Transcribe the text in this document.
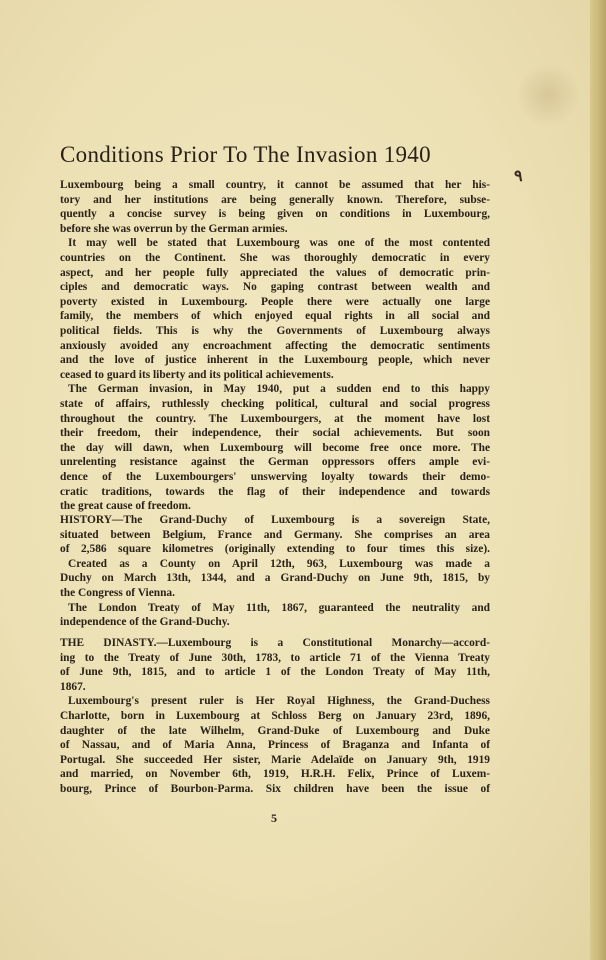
Conditions Prior To The Invasion 1940
٩
Luxembourg being a small country, it cannot be assumed that her his-
tory and her institutions are being generally known. Therefore, subse-
quently a concise survey is being given on conditions in Luxembourg,
before she was overrun by the German armies.
It may well be stated that Luxembourg was one of the most contented
countries on the Continent. She was thoroughly democratic in every
aspect, and her people fully appreciated the values of democratic prin-
ciples and democratic ways. No gaping contrast between wealth and
poverty existed in Luxembourg. People there were actually one large
family, the members of which enjoyed equal rights in all social and
political fields. This is why the Governments of Luxembourg always
anxiously avoided any encroachment affecting the democratic sentiments
and the love of justice inherent in the Luxembourg people, which never
ceased to guard its liberty and its political achievements.
The German invasion, in May 1940, put a sudden end to this happy
state of affairs, ruthlessly checking political, cultural and social progress
throughout the country. The Luxembourgers, at the moment have lost
their freedom, their independence, their social achievements. But soon
the day will dawn, when Luxembourg will become free once more. The
unrelenting resistance against the German oppressors offers ample evi-
dence of the Luxembourgers' unswerving loyalty towards their demo-
cratic traditions, towards the flag of their independence and towards
the great cause of freedom.
HISTORY—The Grand-Duchy of Luxembourg is a sovereign State,
situated between Belgium, France and Germany. She comprises an area
of 2,586 square kilometres (originally extending to four times this size).
Created as a County on April 12th, 963, Luxembourg was made a
Duchy on March 13th, 1344, and a Grand-Duchy on June 9th, 1815, by
the Congress of Vienna.
The London Treaty of May 11th, 1867, guaranteed the neutrality and
independence of the Grand-Duchy.
THE DINASTY.—Luxembourg is a Constitutional Monarchy—accord-
ing to the Treaty of June 30th, 1783, to article 71 of the Vienna Treaty
of June 9th, 1815, and to article 1 of the London Treaty of May 11th,
1867.
Luxembourg's present ruler is Her Royal Highness, the Grand-Duchess
Charlotte, born in Luxembourg at Schloss Berg on January 23rd, 1896,
daughter of the late Wilhelm, Grand-Duke of Luxembourg and Duke
of Nassau, and of Maria Anna, Princess of Braganza and Infanta of
Portugal. She succeeded Her sister, Marie Adelaïde on January 9th, 1919
and married, on November 6th, 1919, H.R.H. Felix, Prince of Luxem-
bourg, Prince of Bourbon-Parma. Six children have been the issue of
5
